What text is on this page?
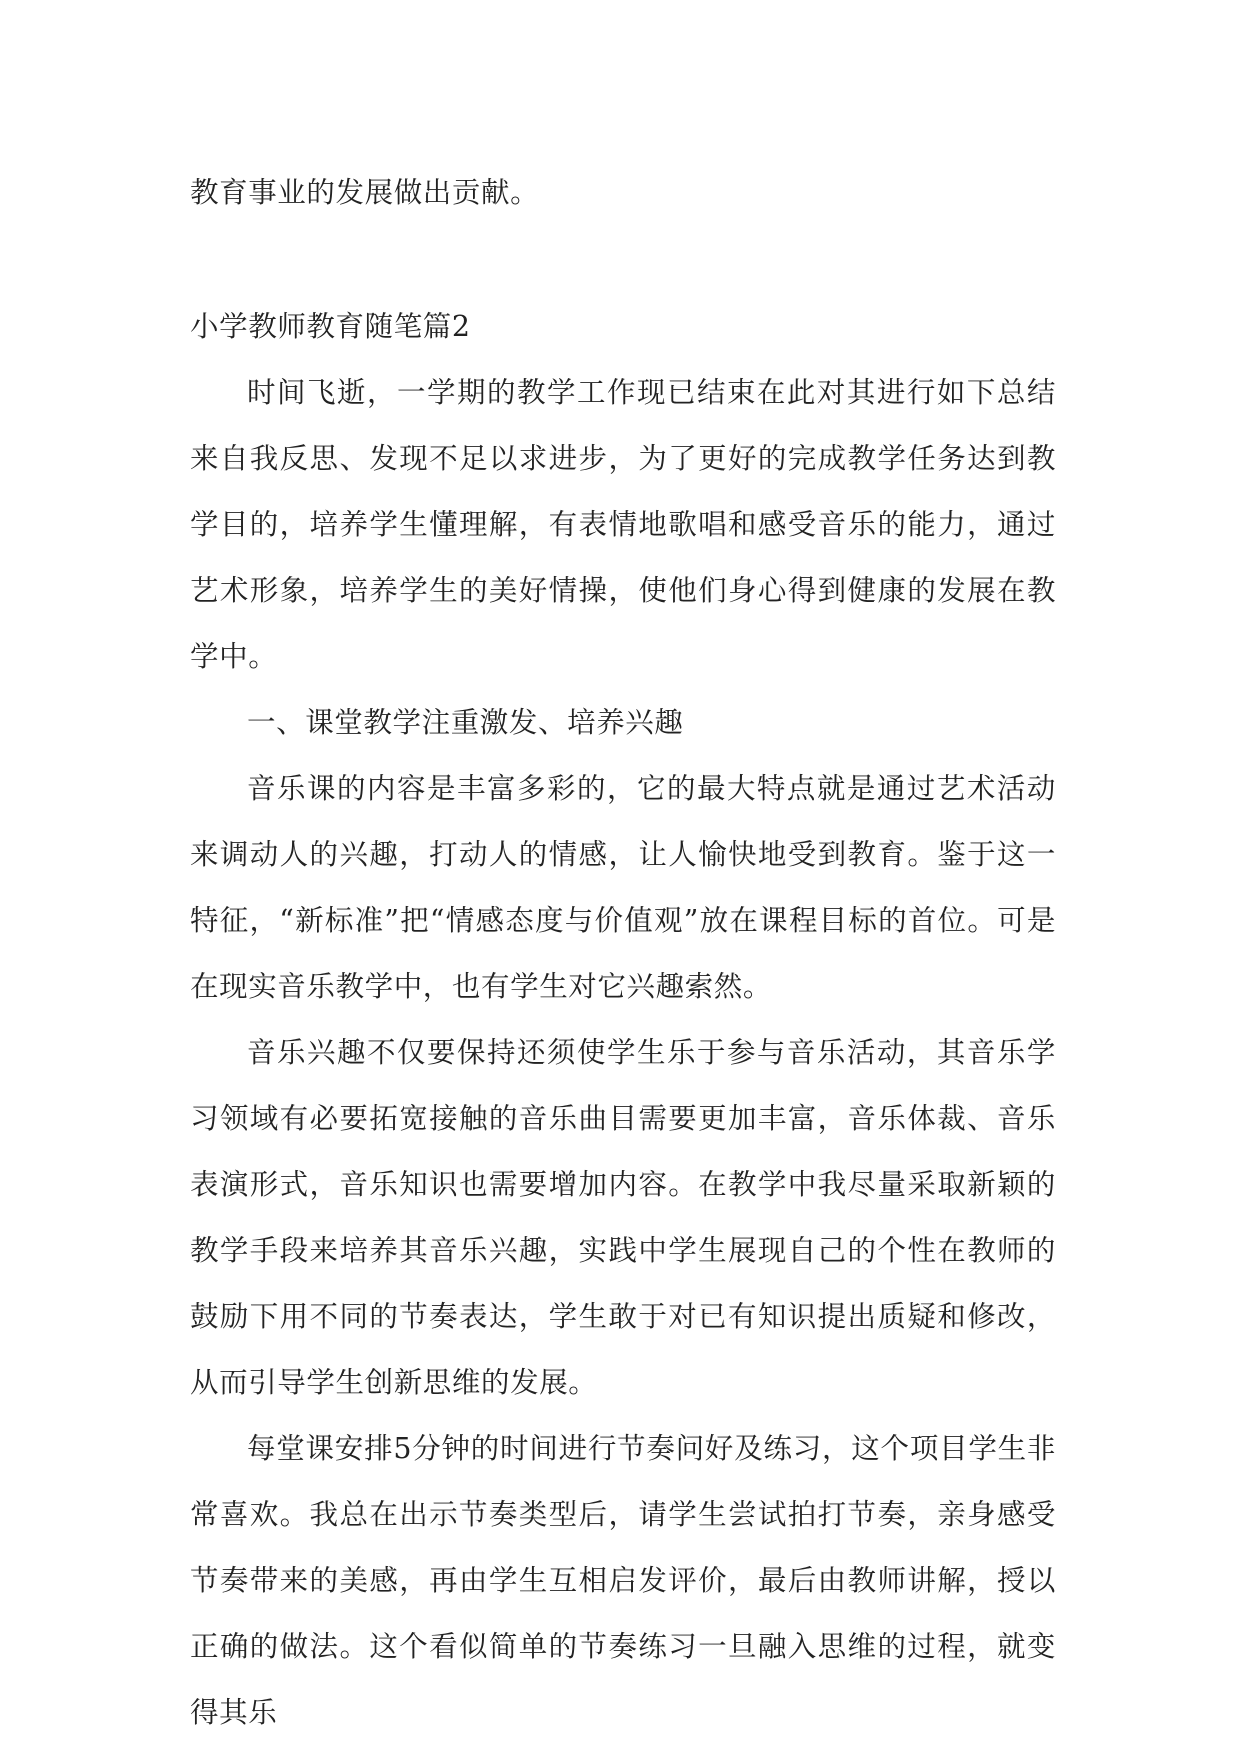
教育事业的发展做出贡献。

小学教师教育随笔篇2

时间飞逝，一学期的教学工作现已结束在此对其进行如下总结来自我反思、发现不足以求进步，为了更好的完成教学任务达到教学目的，培养学生懂理解，有表情地歌唱和感受音乐的能力，通过艺术形象，培养学生的美好情操，使他们身心得到健康的发展在教学中。

一、课堂教学注重激发、培养兴趣

音乐课的内容是丰富多彩的，它的最大特点就是通过艺术活动来调动人的兴趣，打动人的情感，让人愉快地受到教育。鉴于这一特征，“新标准”把“情感态度与价值观”放在课程目标的首位。可是在现实音乐教学中，也有学生对它兴趣索然。

音乐兴趣不仅要保持还须使学生乐于参与音乐活动，其音乐学习领域有必要拓宽接触的音乐曲目需要更加丰富，音乐体裁、音乐表演形式，音乐知识也需要增加内容。在教学中我尽量采取新颖的教学手段来培养其音乐兴趣，实践中学生展现自己的个性在教师的鼓励下用不同的节奏表达，学生敢于对已有知识提出质疑和修改，从而引导学生创新思维的发展。

每堂课安排5分钟的时间进行节奏问好及练习，这个项目学生非常喜欢。我总在出示节奏类型后，请学生尝试拍打节奏，亲身感受节奏带来的美感，再由学生互相启发评价，最后由教师讲解，授以正确的做法。这个看似简单的节奏练习一旦融入思维的过程，就变得其乐
